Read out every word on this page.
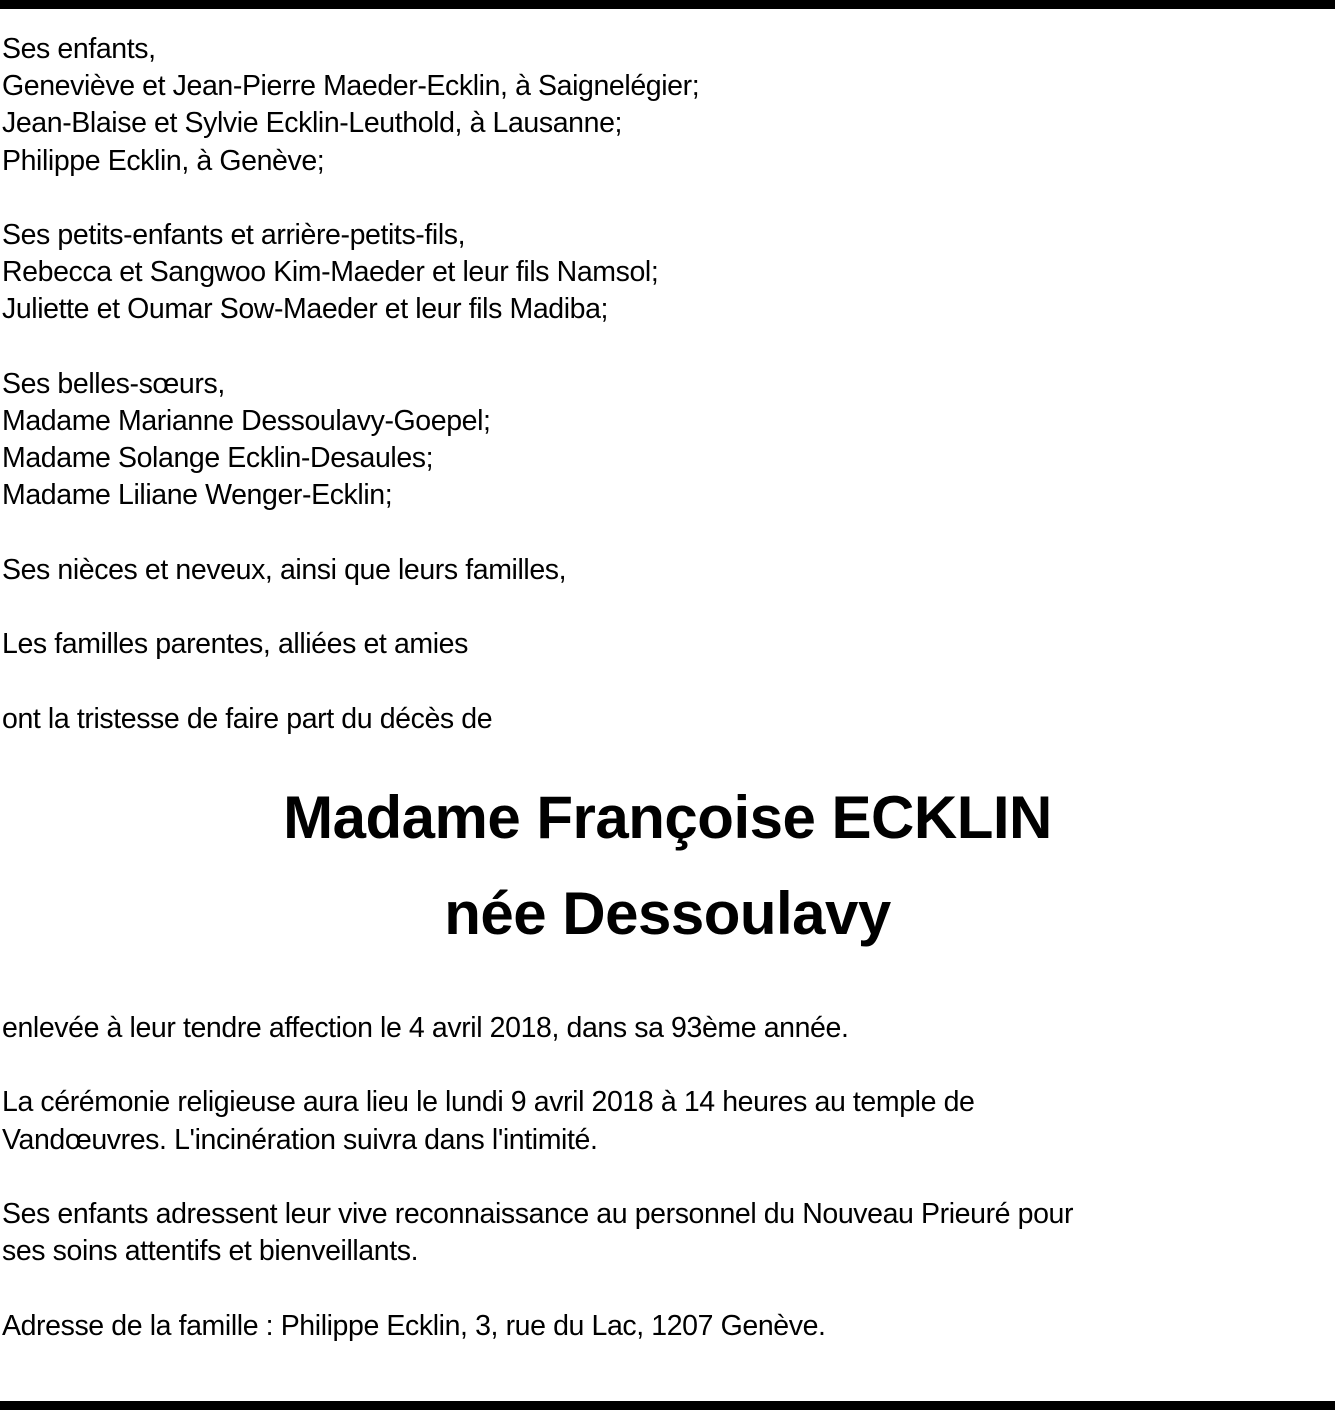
Ses enfants,
Geneviève et Jean-Pierre Maeder-Ecklin, à Saignelégier;
Jean-Blaise et Sylvie Ecklin-Leuthold, à Lausanne;
Philippe Ecklin, à Genève;
Ses petits-enfants et arrière-petits-fils,
Rebecca et Sangwoo Kim-Maeder et leur fils Namsol;
Juliette et Oumar Sow-Maeder et leur fils Madiba;
Ses belles-sœurs,
Madame Marianne Dessoulavy-Goepel;
Madame Solange Ecklin-Desaules;
Madame Liliane Wenger-Ecklin;
Ses nièces et neveux, ainsi que leurs familles,
Les familles parentes, alliées et amies
ont la tristesse de faire part du décès de
Madame Françoise ECKLIN
née Dessoulavy
enlevée à leur tendre affection le 4 avril 2018, dans sa 93ème année.
La cérémonie religieuse aura lieu le lundi 9 avril 2018 à 14 heures au temple de
Vandœuvres. L'incinération suivra dans l'intimité.
Ses enfants adressent leur vive reconnaissance au personnel du Nouveau Prieuré pour
ses soins attentifs et bienveillants.
Adresse de la famille : Philippe Ecklin, 3, rue du Lac, 1207 Genève.
